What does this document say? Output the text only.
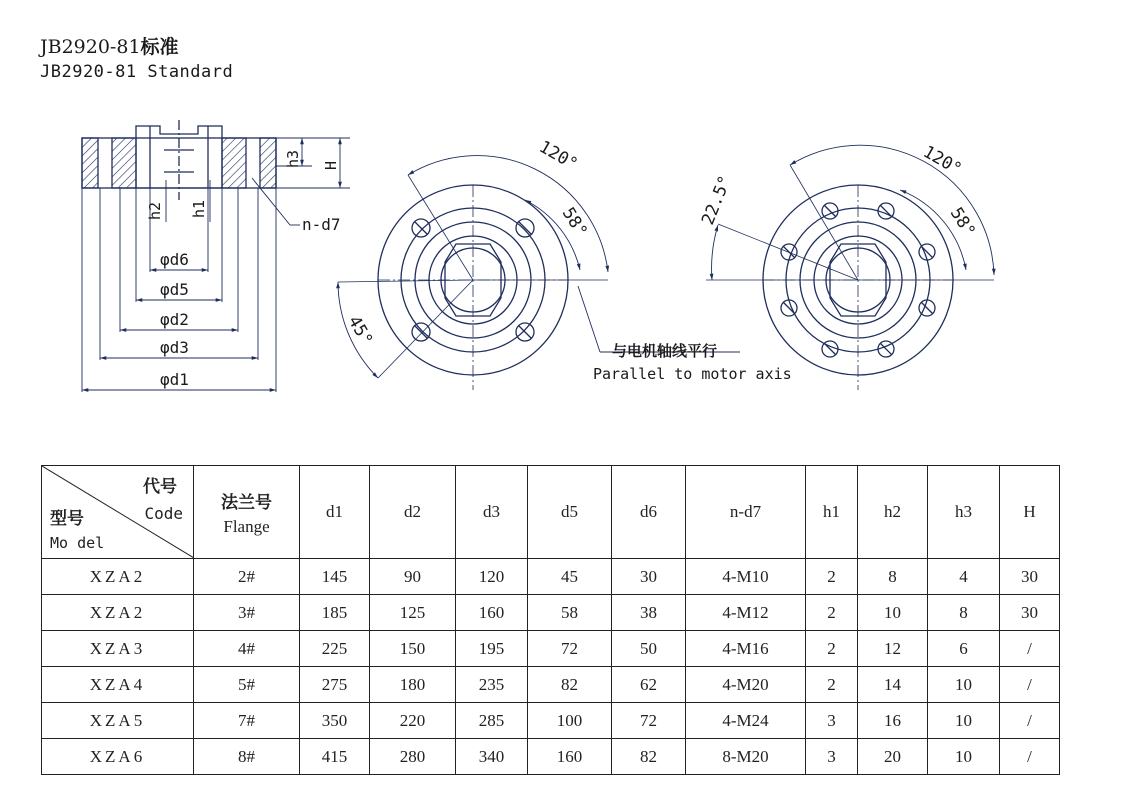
JB2920-81标准
JB2920-81 Standard
h3 H
h2 h1
n-d7
φd6
φd5
φd2
φd3
φd1
120°
58°
45°
与电机轴线平行
Parallel to motor axis
120°
58°
22.5°
代号
Code
型号
Mo del	法兰号
Flange	d1	d2	d3	d5	d6	n-d7	h1	h2	h3	H
XZA2	2#	145	90	120	45	30	4-M10	2	8	4	30
XZA2	3#	185	125	160	58	38	4-M12	2	10	8	30
XZA3	4#	225	150	195	72	50	4-M16	2	12	6	/
XZA4	5#	275	180	235	82	62	4-M20	2	14	10	/
XZA5	7#	350	220	285	100	72	4-M24	3	16	10	/
XZA6	8#	415	280	340	160	82	8-M20	3	20	10	/
